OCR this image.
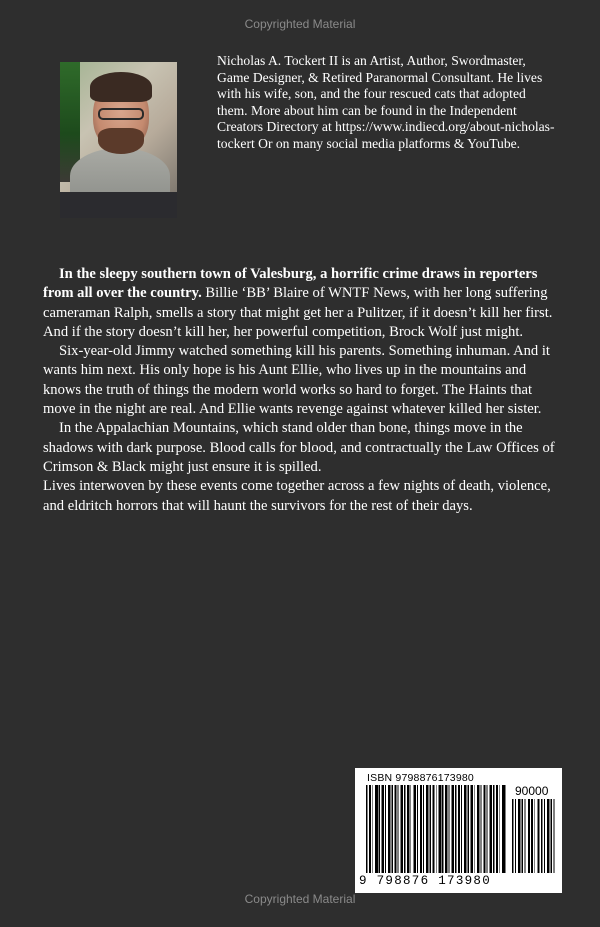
Copyrighted Material

Nicholas A. Tockert II is an Artist, Author, Swordmaster, Game Designer, & Retired Paranormal Consultant. He lives with his wife, son, and the four rescued cats that adopted them. More about him can be found in the Independent Creators Directory at https://www.indiecd.org/about-nicholas- tockert Or on many social media platforms & YouTube.

In the sleepy southern town of Valesburg, a horrific crime draws in reporters from all over the country. Billie ‘BB’ Blaire of WNTF News, with her long suffering cameraman Ralph, smells a story that might get her a Pulitzer, if it doesn’t kill her first. And if the story doesn’t kill her, her powerful competition, Brock Wolf just might.

Six-year-old Jimmy watched something kill his parents. Something inhuman. And it wants him next. His only hope is his Aunt Ellie, who lives up in the mountains and knows the truth of things the modern world works so hard to forget. The Haints that move in the night are real. And Ellie wants revenge against whatever killed her sister.

In the Appalachian Mountains, which stand older than bone, things move in the shadows with dark purpose. Blood calls for blood, and contractually the Law Offices of Crimson & Black might just ensure it is spilled.

Lives interwoven by these events come together across a few nights of death, violence, and eldritch horrors that will haunt the survivors for the rest of their days.

ISBN 9798876173980
90000
9 798876 173980
Copyrighted Material
